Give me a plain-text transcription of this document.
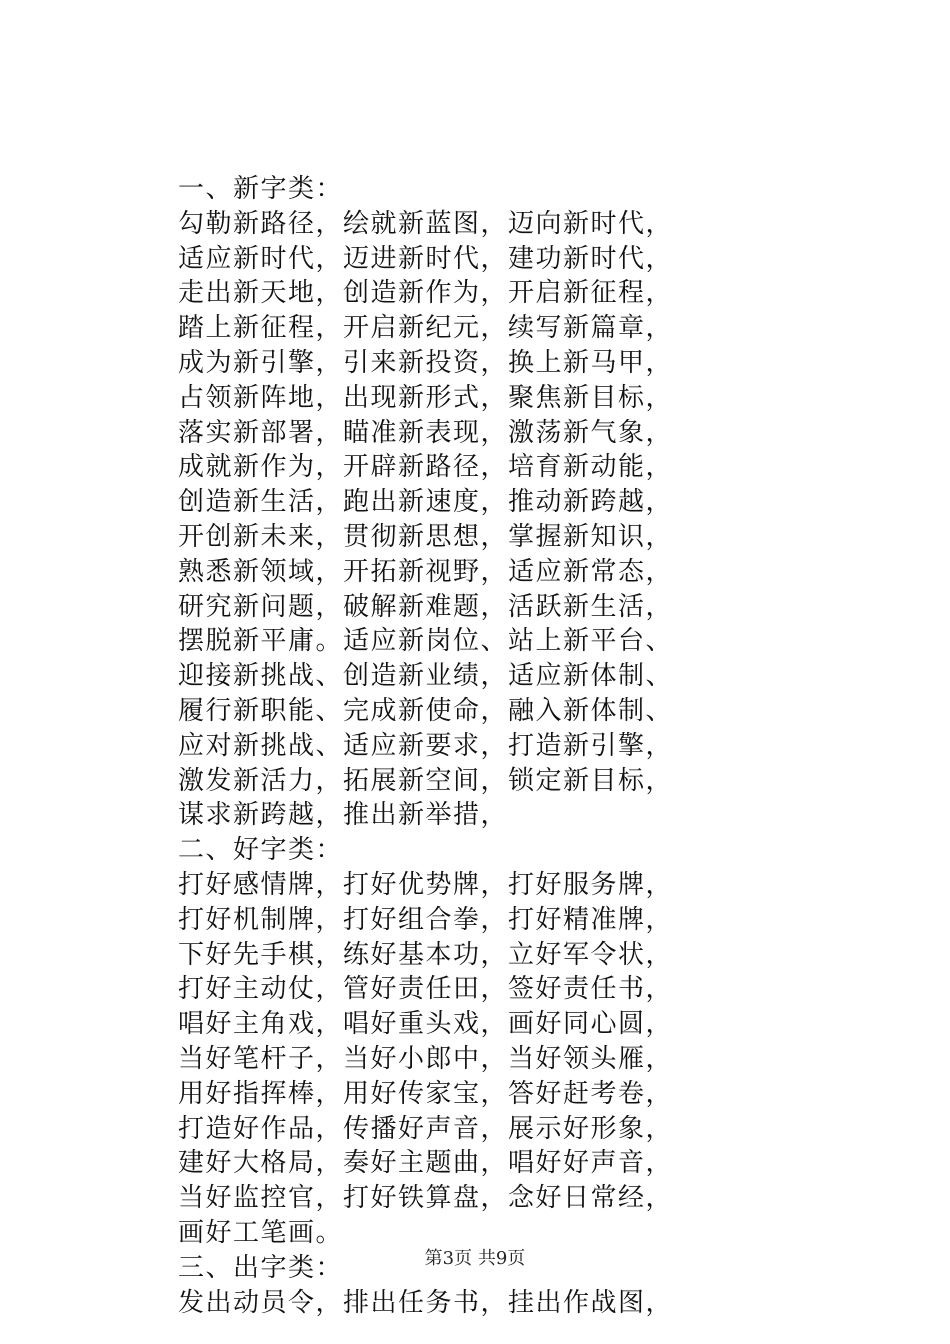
一、新字类：
勾勒新路径，绘就新蓝图，迈向新时代，
适应新时代，迈进新时代，建功新时代，
走出新天地，创造新作为，开启新征程，
踏上新征程，开启新纪元，续写新篇章，
成为新引擎，引来新投资，换上新马甲，
占领新阵地，出现新形式，聚焦新目标，
落实新部署，瞄准新表现，激荡新气象，
成就新作为，开辟新路径，培育新动能，
创造新生活，跑出新速度，推动新跨越，
开创新未来，贯彻新思想，掌握新知识，
熟悉新领域，开拓新视野，适应新常态，
研究新问题，破解新难题，活跃新生活，
摆脱新平庸。适应新岗位、站上新平台、
迎接新挑战、创造新业绩，适应新体制、
履行新职能、完成新使命，融入新体制、
应对新挑战、适应新要求，打造新引擎，
激发新活力，拓展新空间，锁定新目标，
谋求新跨越，推出新举措，
二、好字类：
打好感情牌，打好优势牌，打好服务牌，
打好机制牌，打好组合拳，打好精准牌，
下好先手棋，练好基本功，立好军令状，
打好主动仗，管好责任田，签好责任书，
唱好主角戏，唱好重头戏，画好同心圆，
当好笔杆子，当好小郎中，当好领头雁，
用好指挥棒，用好传家宝，答好赶考卷，
打造好作品，传播好声音，展示好形象，
建好大格局，奏好主题曲，唱好好声音，
当好监控官，打好铁算盘，念好日常经，
画好工笔画。
三、出字类：
发出动员令，排出任务书，挂出作战图，
第3页 共9页
